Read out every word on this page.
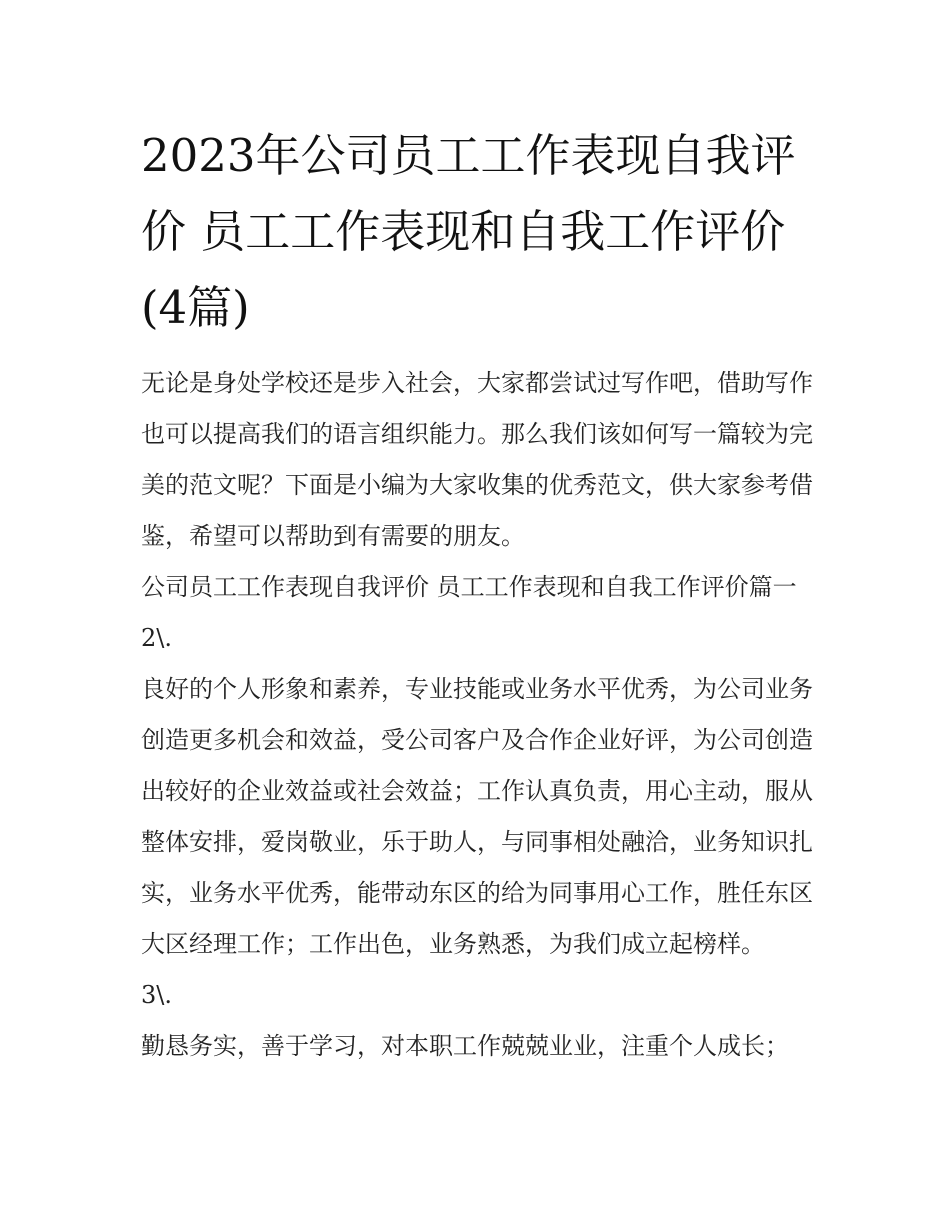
2023年公司员工工作表现自我评价 员工工作表现和自我工作评价(4篇)

无论是身处学校还是步入社会，大家都尝试过写作吧，借助写作也可以提高我们的语言组织能力。那么我们该如何写一篇较为完美的范文呢？下面是小编为大家收集的优秀范文，供大家参考借鉴，希望可以帮助到有需要的朋友。

公司员工工作表现自我评价 员工工作表现和自我工作评价篇一 2\.

良好的个人形象和素养，专业技能或业务水平优秀，为公司业务创造更多机会和效益，受公司客户及合作企业好评，为公司创造出较好的企业效益或社会效益；工作认真负责，用心主动，服从整体安排，爱岗敬业，乐于助人，与同事相处融洽，业务知识扎实，业务水平优秀，能带动东区的给为同事用心工作，胜任东区大区经理工作；工作出色，业务熟悉，为我们成立起榜样。

3\.

勤恳务实，善于学习，对本职工作兢兢业业，注重个人成长；
